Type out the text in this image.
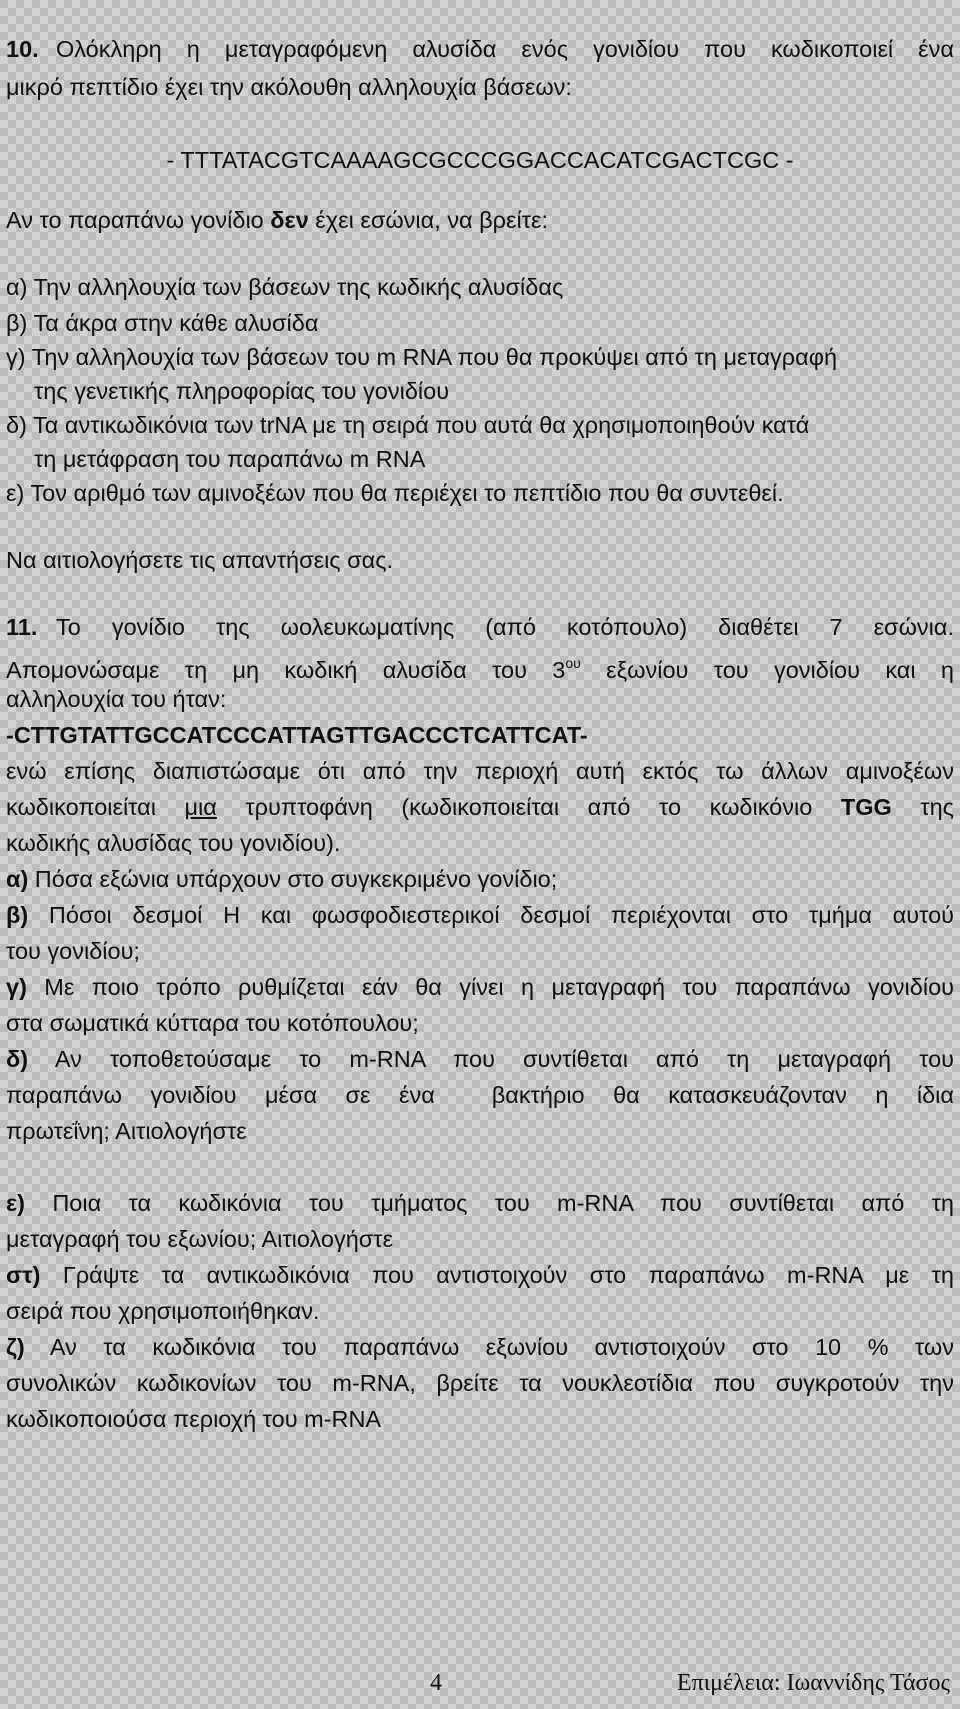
10. Ολόκληρη η μεταγραφόμενη αλυσίδα ενός γονιδίου που κωδικοποιεί ένα
μικρό πεπτίδιο έχει την ακόλουθη αλληλουχία βάσεων:
- TTTATACGTCAAAAGCGCCCGGACCACATCGACTCGC -
Αν το παραπάνω γονίδιο δεν έχει εσώνια, να βρείτε:
α) Την αλληλουχία των βάσεων της κωδικής αλυσίδας
β) Τα άκρα στην κάθε αλυσίδα
γ) Την αλληλουχία των βάσεων του m RNA που θα προκύψει από τη μεταγραφή
της γενετικής πληροφορίας του γονιδίου
δ) Τα αντικωδικόνια των trNA με τη σειρά που αυτά θα χρησιμοποιηθούν κατά
τη μετάφραση του παραπάνω m RNA
ε) Τον αριθμό των αμινοξέων που θα περιέχει το πεπτίδιο που θα συντεθεί.
Να αιτιολογήσετε τις απαντήσεις σας.
11. Το γονίδιο της ωολευκωματίνης (από κοτόπουλο) διαθέτει 7 εσώνια.
Απομονώσαμε τη μη κωδική αλυσίδα του $3^{o\upsilon}$ εξωνίου του γονιδίου και η
αλληλουχία του ήταν:
-CTTGTATTGCCATCCCATTAGTTGACCCTCATTCAT-
ενώ επίσης διαπιστώσαμε ότι από την περιοχή αυτή εκτός τω άλλων αμινοξέων
κωδικοποιείται μια τρυπτοφάνη (κωδικοποιείται από το κωδικόνιο TGG της
κωδικής αλυσίδας του γονιδίου).
α) Πόσα εξώνια υπάρχουν στο συγκεκριμένο γονίδιο;
β) Πόσοι δεσμοί Η και φωσφοδιεστερικοί δεσμοί περιέχονται στο τμήμα αυτού
του γονιδίου;
γ) Με ποιο τρόπο ρυθμίζεται εάν θα γίνει η μεταγραφή του παραπάνω γονιδίου
στα σωματικά κύτταρα του κοτόπουλου;
δ) Αν τοποθετούσαμε το m-RNA που συντίθεται από τη μεταγραφή του
παραπάνω γονιδίου μέσα σε ένα  βακτήριο θα κατασκευάζονταν η ίδια
πρωτεΐνη; Αιτιολογήστε
ε) Ποια τα κωδικόνια του τμήματος του m-RNA που συντίθεται από τη
μεταγραφή του εξωνίου; Αιτιολογήστε
στ) Γράψτε τα αντικωδικόνια που αντιστοιχούν στο παραπάνω m-RNA με τη
σειρά που χρησιμοποιήθηκαν.
ζ) Αν τα κωδικόνια του παραπάνω εξωνίου αντιστοιχούν στο 10 % των
συνολικών κωδικονίων του m-RNA, βρείτε τα νουκλεοτίδια που συγκροτούν την
κωδικοποιούσα περιοχή του m-RNA
4	Επιμέλεια: Ιωαννίδης Τάσος
